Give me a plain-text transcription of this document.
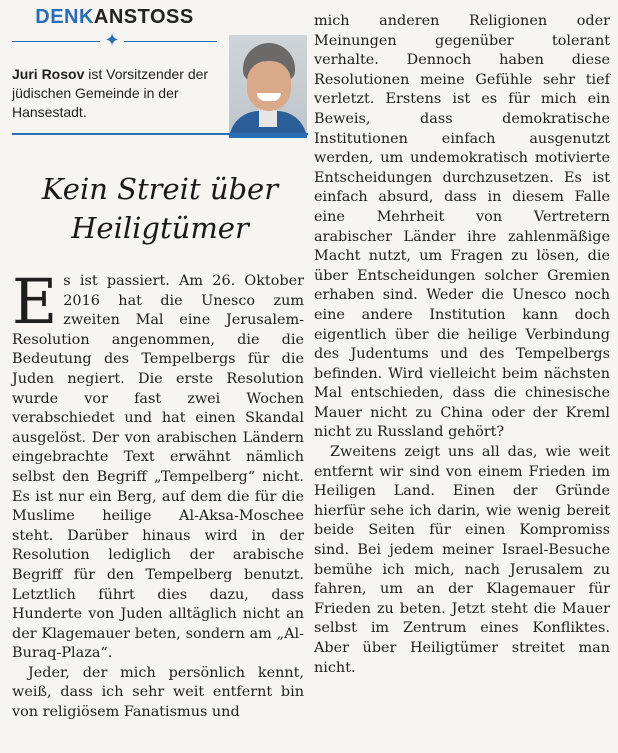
DENKANSTOSS
✦
Juri Rosov ist Vorsitzender der jüdischen Gemeinde in der Hansestadt.
Kein Streit über Heiligtümer

Es ist passiert. Am 26. Oktober 2016 hat die Unesco zum zweiten Mal eine Jerusalem-Resolution angenommen, die die Bedeutung des Tempelbergs für die Juden negiert. Die erste Resolution wurde vor fast zwei Wochen verabschiedet und hat einen Skandal ausgelöst. Der von arabischen Ländern eingebrachte Text erwähnt nämlich selbst den Begriff „Tempelberg“ nicht. Es ist nur ein Berg, auf dem die für die Muslime heilige Al-Aksa-Moschee steht. Darüber hinaus wird in der Resolution lediglich der arabische Begriff für den Tempelberg benutzt. Letztlich führt dies dazu, dass Hunderte von Juden alltäglich nicht an der Klagemauer beten, sondern am „Al-Buraq-Plaza“.

Jeder, der mich persönlich kennt, weiß, dass ich sehr weit entfernt bin von religiösem Fanatismus und

mich anderen Religionen oder Meinungen gegenüber tolerant verhalte. Dennoch haben diese Resolutionen meine Gefühle sehr tief verletzt. Erstens ist es für mich ein Beweis, dass demokratische Institutionen einfach ausgenutzt werden, um undemokratisch motivierte Entscheidungen durchzusetzen. Es ist einfach absurd, dass in diesem Falle eine Mehrheit von Vertretern arabischer Länder ihre zahlenmäßige Macht nutzt, um Fragen zu lösen, die über Entscheidungen solcher Gremien erhaben sind. Weder die Unesco noch eine andere Institution kann doch eigentlich über die heilige Verbindung des Judentums und des Tempelbergs befinden. Wird vielleicht beim nächsten Mal entschieden, dass die chinesische Mauer nicht zu China oder der Kreml nicht zu Russland gehört?

Zweitens zeigt uns all das, wie weit entfernt wir sind von einem Frieden im Heiligen Land. Einen der Gründe hierfür sehe ich darin, wie wenig bereit beide Seiten für einen Kompromiss sind. Bei jedem meiner Israel-Besuche bemühe ich mich, nach Jerusalem zu fahren, um an der Klagemauer für Frieden zu beten. Jetzt steht die Mauer selbst im Zentrum eines Konfliktes. Aber über Heiligtümer streitet man nicht.
